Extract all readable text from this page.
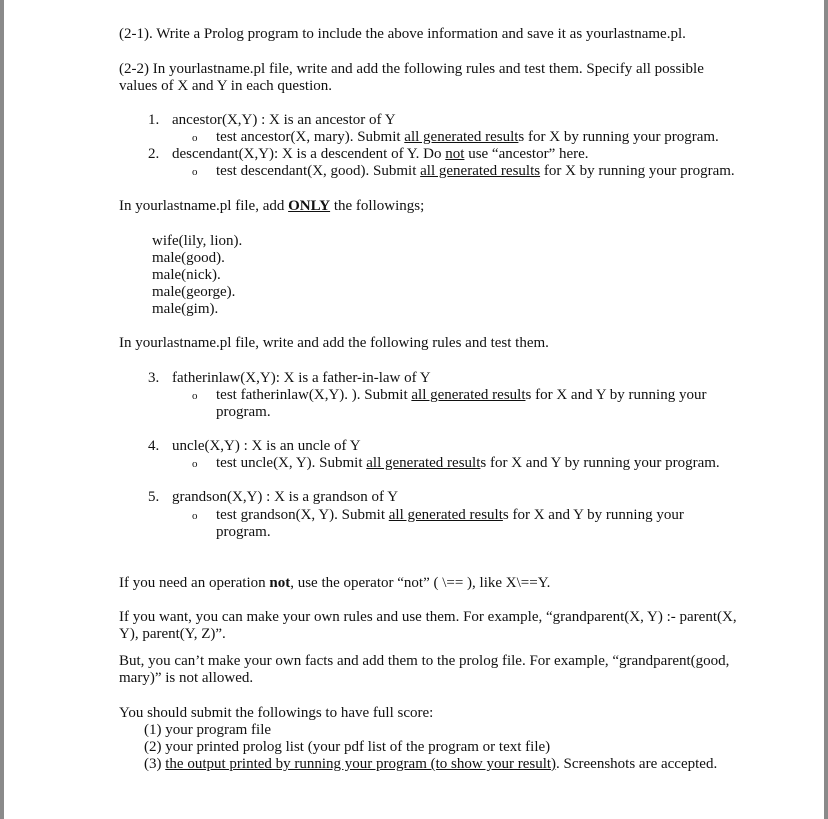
(2-1). Write a Prolog program to include the above information and save it as yourlastname.pl.
(2-2) In yourlastname.pl file, write and add the following rules and test them. Specify all possible
values of X and Y in each question.
1. ancestor(X,Y) : X is an ancestor of Y
o test ancestor(X, mary). Submit all generated results for X by running your program.
2. descendant(X,Y): X is a descendent of Y. Do not use “ancestor” here.
o test descendant(X, good). Submit all generated results for X by running your program.
In yourlastname.pl file, add ONLY the followings;
wife(lily, lion).
male(good).
male(nick).
male(george).
male(gim).
In yourlastname.pl file, write and add the following rules and test them.
3. fatherinlaw(X,Y): X is a father-in-law of Y
o test fatherinlaw(X,Y). ). Submit all generated results for X and Y by running your
program.
4. uncle(X,Y) : X is an uncle of Y
o test uncle(X, Y). Submit all generated results for X and Y by running your program.
5. grandson(X,Y) : X is a grandson of Y
o test grandson(X, Y). Submit all generated results for X and Y by running your
program.
If you need an operation not, use the operator “not” ( \== ), like X\==Y.
If you want, you can make your own rules and use them. For example, “grandparent(X, Y) :- parent(X,
Y), parent(Y, Z)”.
But, you can’t make your own facts and add them to the prolog file. For example, “grandparent(good,
mary)” is not allowed.
You should submit the followings to have full score:
(1) your program file
(2) your printed prolog list (your pdf list of the program or text file)
(3) the output printed by running your program (to show your result). Screenshots are accepted.
